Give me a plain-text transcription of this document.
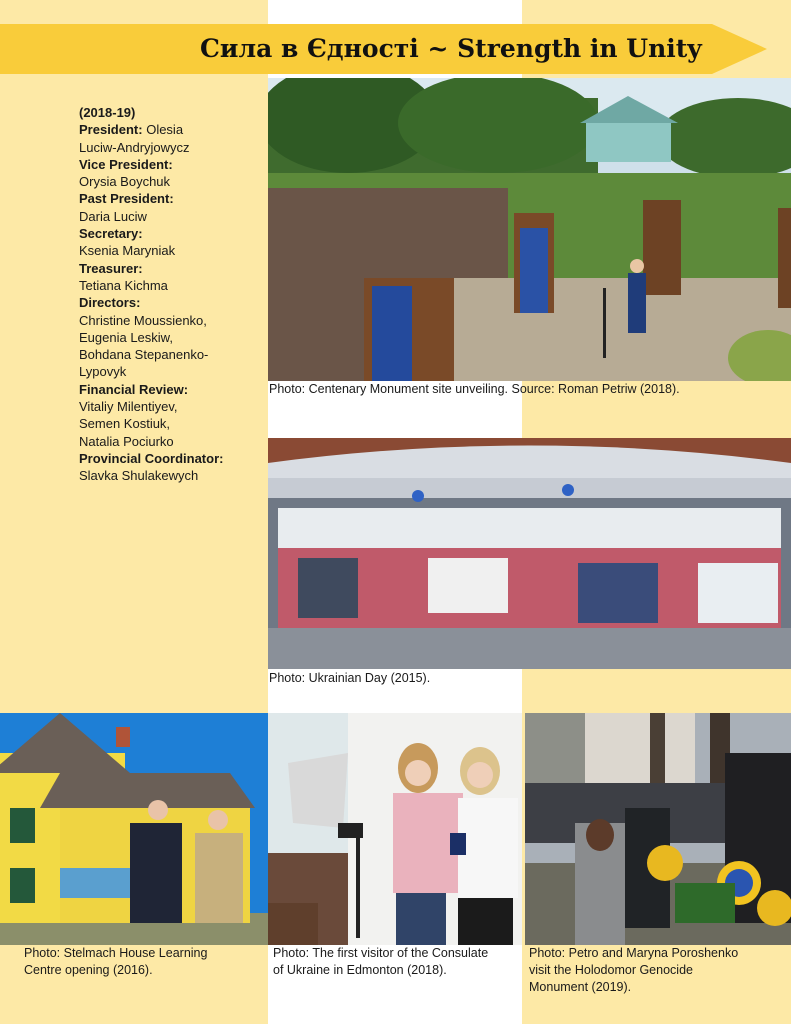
Сила в Єдності ~ Strength in Unity
(2018-19)
President: Olesia
Luciw-Andryjowycz
Vice President:
Orysia Boychuk
Past President:
Daria Luciw
Secretary:
Ksenia Maryniak
Treasurer:
Tetiana Kichma
Directors:
Christine Moussienko,
Eugenia Leskiw,
Bohdana Stepanenko-
Lypovyk
Financial Review:
Vitaliy Milentiyev,
Semen Kostiuk,
Natalia Pociurko
Provincial Coordinator:
Slavka Shulakewych
Photo: Centenary Monument site unveiling. Source: Roman Petriw (2018).
Photo: Ukrainian Day (2015).
Photo: Stelmach House Learning
Centre opening (2016).
Photo: The first visitor of the Consulate
of Ukraine in Edmonton (2018).
Photo: Petro and Maryna Poroshenko
visit the Holodomor Genocide
Monument (2019).
